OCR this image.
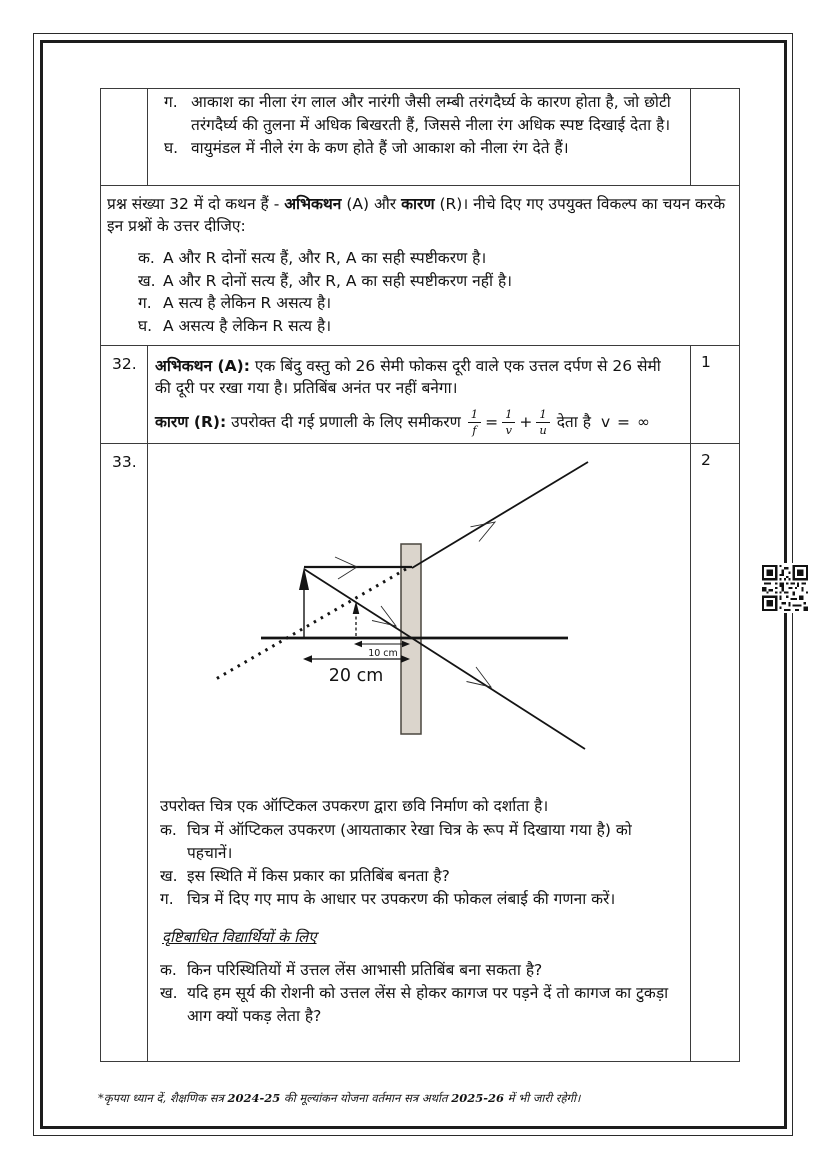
ग. आकाश का नीला रंग लाल और नारंगी जैसी लम्बी तरंगदैर्घ्य के कारण होता है, जो छोटी तरंगदैर्घ्य की तुलना में अधिक बिखरती हैं, जिससे नीला रंग अधिक स्पष्ट दिखाई देता है।
घ. वायुमंडल में नीले रंग के कण होते हैं जो आकाश को नीला रंग देते हैं।
प्रश्न संख्या 32 में दो कथन हैं - अभिकथन (A) और कारण (R)। नीचे दिए गए उपयुक्त विकल्प का चयन करके इन प्रश्नों के उत्तर दीजिए:
क. A और R दोनों सत्य हैं, और R, A का सही स्पष्टीकरण है।
ख. A और R दोनों सत्य हैं, और R, A का सही स्पष्टीकरण नहीं है।
ग. A सत्य है लेकिन R असत्य है।
घ. A असत्य है लेकिन R सत्य है।
32.	अभिकथन (A): एक बिंदु वस्तु को 26 सेमी फोकस दूरी वाले एक उत्तल दर्पण से 26 सेमी की दूरी पर रखा गया है। प्रतिबिंब अनंत पर नहीं बनेगा।
कारण (R): उपरोक्त दी गई प्रणाली के लिए समीकरण $\frac{1}{f} = \frac{1}{v} + \frac{1}{u}$ देता है v = ∞
1
33.
10 cm
20 cm
उपरोक्त चित्र एक ऑप्टिकल उपकरण द्वारा छवि निर्माण को दर्शाता है।
क. चित्र में ऑप्टिकल उपकरण (आयताकार रेखा चित्र के रूप में दिखाया गया है) को पहचानें।
ख. इस स्थिति में किस प्रकार का प्रतिबिंब बनता है?
ग. चित्र में दिए गए माप के आधार पर उपकरण की फोकल लंबाई की गणना करें।
दृष्टिबाधित विद्यार्थियों के लिए
क. किन परिस्थितियों में उत्तल लेंस आभासी प्रतिबिंब बना सकता है?
ख. यदि हम सूर्य की रोशनी को उत्तल लेंस से होकर कागज पर पड़ने दें तो कागज का टुकड़ा आग क्यों पकड़ लेता है?
2
*कृपया ध्यान दें, शैक्षणिक सत्र 2024-25 की मूल्यांकन योजना वर्तमान सत्र अर्थात 2025-26 में भी जारी रहेगी।
